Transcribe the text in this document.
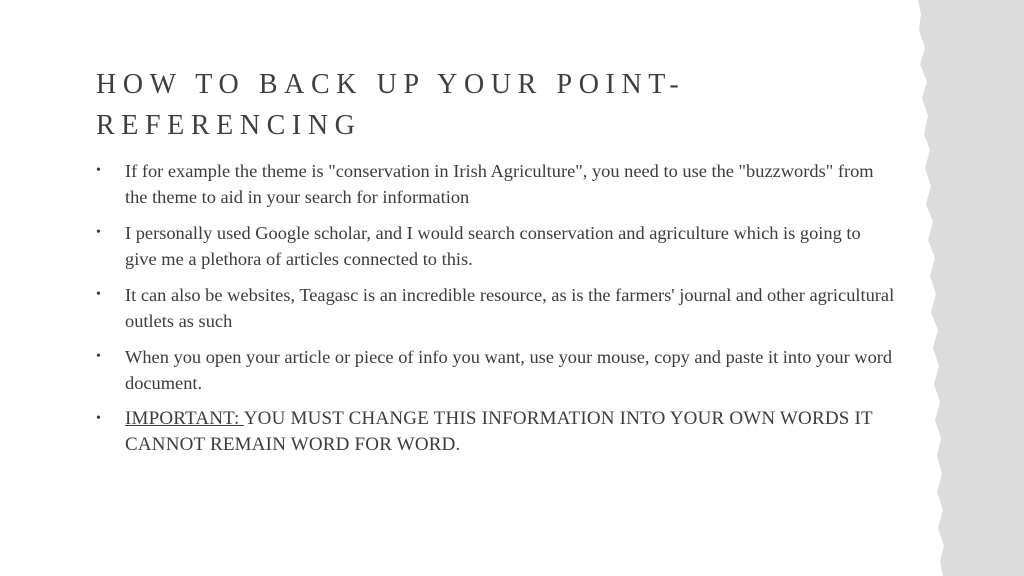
HOW TO BACK UP YOUR POINT-
REFERENCING
• If for example the theme is "conservation in Irish Agriculture", you need to use the "buzzwords" from the theme to aid in your search for information
• I personally used Google scholar, and I would search conservation and agriculture which is going to give me a plethora of articles connected to this.
• It can also be websites, Teagasc is an incredible resource, as is the farmers' journal and other agricultural outlets as such
• When you open your article or piece of info you want, use your mouse, copy and paste it into your word document.
• IMPORTANT: YOU MUST CHANGE THIS INFORMATION INTO YOUR OWN WORDS IT CANNOT REMAIN WORD FOR WORD.
